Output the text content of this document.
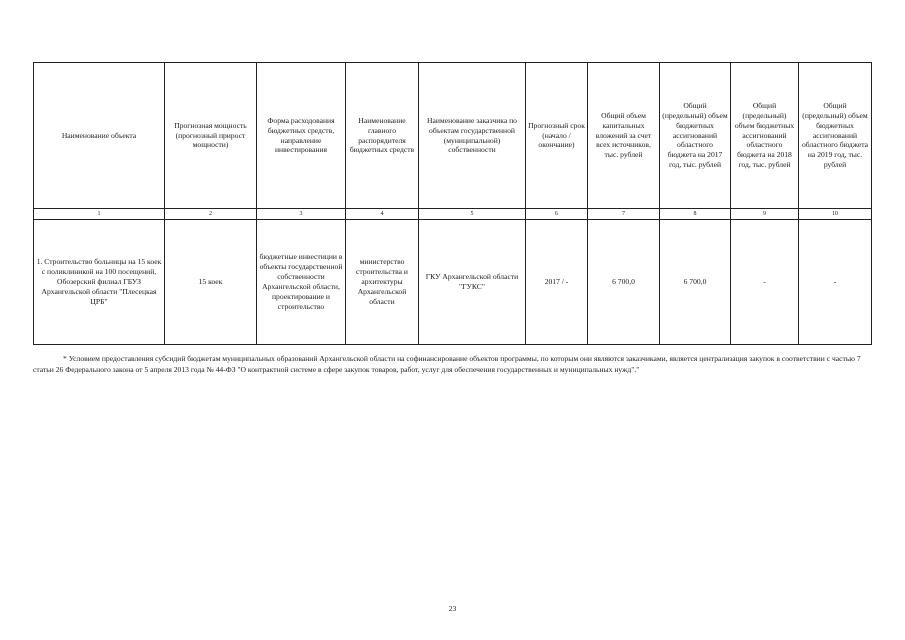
Наименование объекта	Прогнозная мощность (прогнозный прирост мощности)	Форма расходования бюджетных средств, направление инвестирования	Наименование главного распорядителя бюджетных средств	Наименование заказчика по объектам государственной (муниципальной) собственности	Прогнозный срок (начало / окончание)	Общий объем капитальных вложений за счет всех источников, тыс. рублей	Общий (предельный) объем бюджетных ассигнований областного бюджета на 2017 год, тыс. рублей	Общий (предельный) объем бюджетных ассигнований областного бюджета на 2018 год, тыс. рублей	Общий (предельный) объем бюджетных ассигнований областного бюджета на 2019 год, тыс. рублей
1	2	3	4	5	6	7	8	9	10
1. Строительство больницы на 15 коек с поликлиникой на 100 посещений, Обозерский филиал ГБУЗ Архангельской области "Плесецкая ЦРБ"	15 коек	бюджетные инвестиции в объекты государственной собственности Архангельской области, проектирование и строительство	министерство строительства и архитектуры Архангельской области	ГКУ Архангельской области "ГУКС"	2017 / -	6 700,0	6 700,0	-	-

* Условием предоставления субсидий бюджетам муниципальных образований Архангельской области на софинансирование объектов программы, по которым они являются заказчиками, является централизация закупок в соответствии с частью 7 статьи 26 Федерального закона от 5 апреля 2013 года № 44-ФЗ "О контрактной системе в сфере закупок товаров, работ, услуг для обеспечения государственных и муниципальных нужд"."

23
